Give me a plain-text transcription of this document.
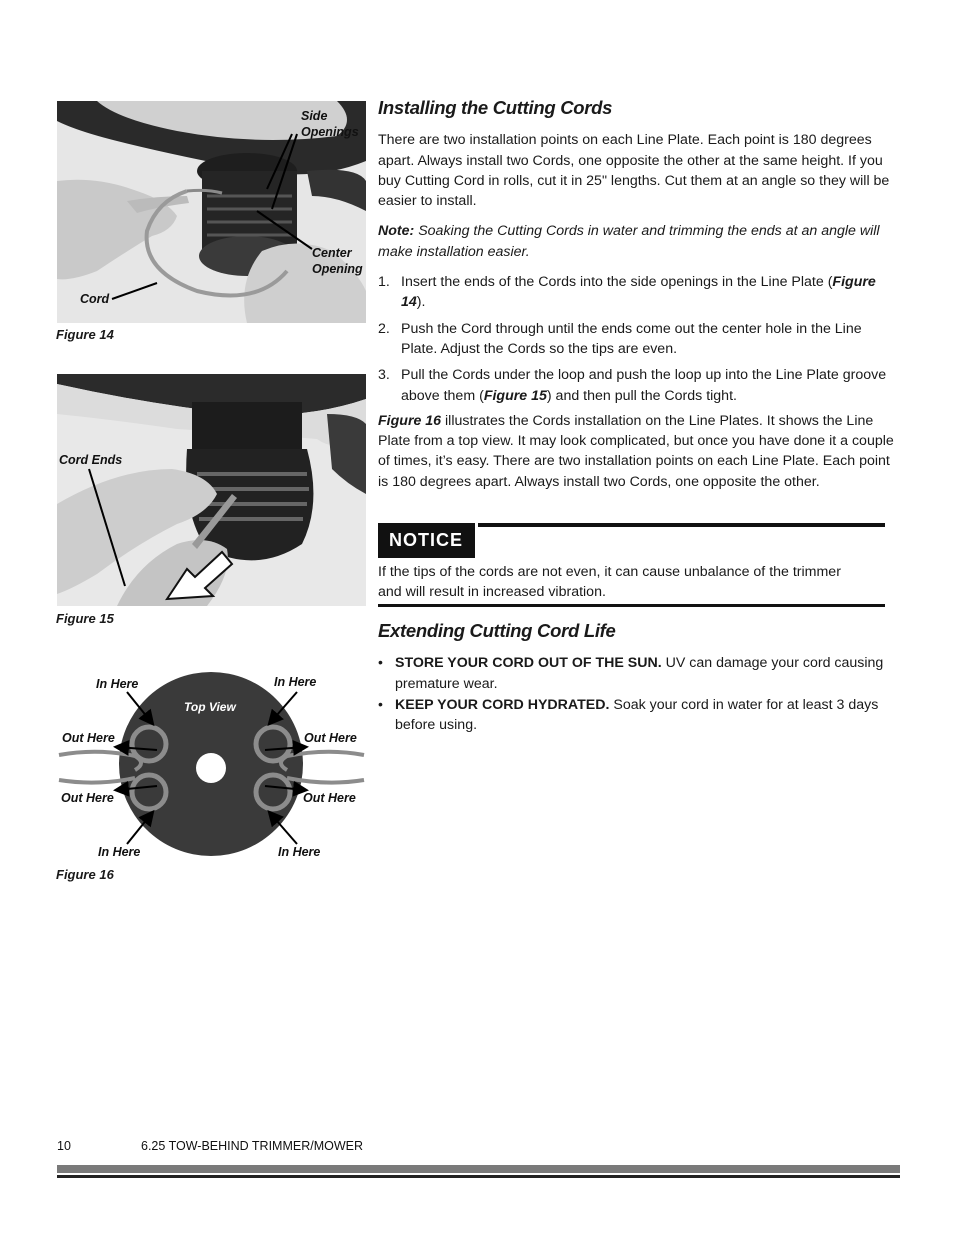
Side
Openings
Center
Opening
Cord
Figure 14
Cord Ends
Figure 15
Top View
In Here	In Here
Out Here	Out Here
Out Here	Out Here
In Here	In Here
Figure 16
Installing the Cutting Cords

There are two installation points on each Line Plate. Each point is 180 degrees apart. Always install two Cords, one opposite the other at the same height. If you buy Cutting Cord in rolls, cut it in 25" lengths. Cut them at an angle so they will be easier to install.

Note: Soaking the Cutting Cords in water and trimming the ends at an angle will make installation easier.

1. Insert the ends of the Cords into the side openings in the Line Plate (Figure 14).
2. Push the Cord through until the ends come out the center hole in the Line Plate. Adjust the Cords so the tips are even.
3. Pull the Cords under the loop and push the loop up into the Line Plate groove above them (Figure 15) and then pull the Cords tight.

Figure 16 illustrates the Cords installation on the Line Plates. It shows the Line Plate from a top view. It may look complicated, but once you have done it a couple of times, it’s easy. There are two installation points on each Line Plate. Each point is 180 degrees apart. Always install two Cords, one opposite the other.

NOTICE
If the tips of the cords are not even, it can cause unbalance of the trimmer and will result in increased vibration.
Extending Cutting Cord Life
• STORE YOUR CORD OUT OF THE SUN. UV can damage your cord causing premature wear.
• KEEP YOUR CORD HYDRATED. Soak your cord in water for at least 3 days before using.
10	6.25 TOW-BEHIND TRIMMER/MOWER
